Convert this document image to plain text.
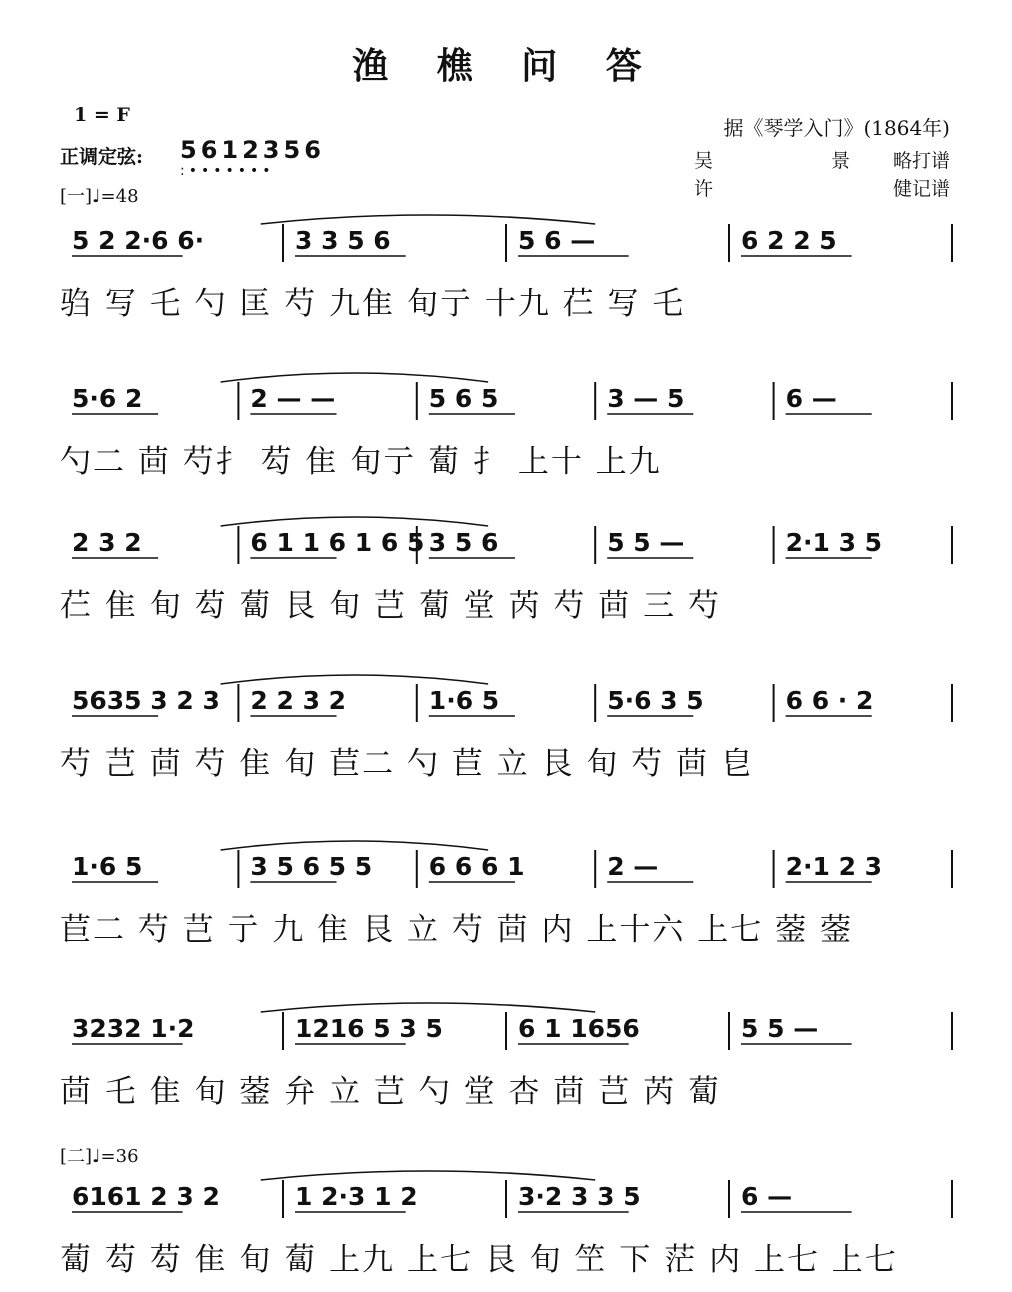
渔 樵 问 答
1 = F
正调定弦: 5612356
:•••••••
[一]♩=48
据《琴学入门》(1864年)
吴 景
略打谱
许	健记谱
[二]♩=36
5 2 2·6 6·	3 3 5 6	5 6 —	6 2 2 5
驺 写 乇 勺 匡 芍 九隹 旬亍 十九 芢 写 乇
5·6 2	2 — —	5 6 5	3 — 5	6 —
勺二 茴 芍扌 芶 隹 旬亍 蔔 扌 上十 上九
2 3 2	6 1 1 6 1 6 5 3 5 6	5 5 —	2·1 3 5
芢 隹 旬 芶 蔔 艮 旬 芑 蔔 堂 芮 芍 茴 三 芍
5635 3 2 3	2 2 3 2	1·6 5	5·6 3 5	6 6 · 2
芍 芑 茴 芍 隹 旬 苣二 勺 苣 立 艮 旬 芍 茴 皀
1·6 5	3 5 6 5 5	6 6 6 1	2 —	2·1 2 3
苣二 芍 芑 亍 九 隹 艮 立 芍 茴 内 上十六 上七 蓥 蓥
3232 1·2	1216 5 3 5	6 1 1656	5 5 —
茴 乇 隹 旬 蓥 弁 立 芑 勺 堂 杏 茴 芑 芮 蔔
6161 2 3 2	1 2·3 1 2	3·2 3 3 5	6 —
蔔 芶 芶 隹 旬 蔔 上九 上七 艮 旬 笁 下 茫 内 上七 上七
